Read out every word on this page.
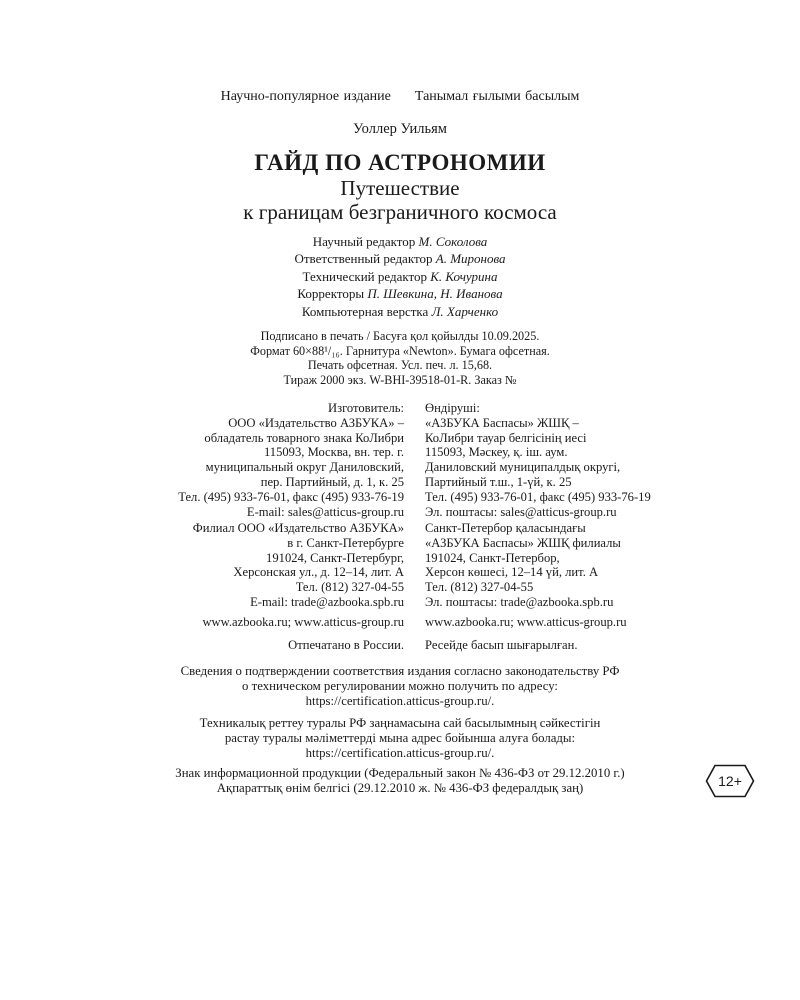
Научно-популярное издание Танымал ғылыми басылым
Уоллер Уильям
ГАЙД ПО АСТРОНОМИИ
Путешествие
к границам безграничного космоса
Научный редактор М. Соколова
Ответственный редактор А. Миронова
Технический редактор К. Кочурина
Корректоры П. Шевкина, Н. Иванова
Компьютерная верстка Л. Харченко
Подписано в печать / Басуға қол қойылды 10.09.2025.
Формат 60×88¹/₁₆. Гарнитура «Newton». Бумага офсетная.
Печать офсетная. Усл. печ. л. 15,68.
Тираж 2000 экз. W-BHI-39518-01-R. Заказ №
Изготовитель:
ООО «Издательство АЗБУКА» –
обладатель товарного знака КоЛибри
115093, Москва, вн. тер. г.
муниципальный округ Даниловский,
пер. Партийный, д. 1, к. 25
Тел. (495) 933-76-01, факс (495) 933-76-19
E-mail: sales@atticus-group.ru
Өндіруші:
«АЗБУКА Баспасы» ЖШҚ –
КоЛибри тауар белгісінің иесі
115093, Мәскеу, қ. іш. аум.
Даниловский муниципалдық округі,
Партийный т.ш., 1-үй, к. 25
Тел. (495) 933-76-01, факс (495) 933-76-19
Эл. поштасы: sales@atticus-group.ru
Филиал ООО «Издательство АЗБУКА»
в г. Санкт-Петербурге
191024, Санкт-Петербург,
Херсонская ул., д. 12–14, лит. А
Тел. (812) 327-04-55
E-mail: trade@azbooka.spb.ru
Санкт-Петербор қаласындағы
«АЗБУКА Баспасы» ЖШҚ филиалы
191024, Санкт-Петербор,
Херсон көшесі, 12–14 үй, лит. А
Тел. (812) 327-04-55
Эл. поштасы: trade@azbooka.spb.ru
www.azbooka.ru; www.atticus-group.ru www.azbooka.ru; www.atticus-group.ru
Отпечатано в России. Ресейде басып шығарылған.
Сведения о подтверждении соответствия издания согласно законодательству РФ
о техническом регулировании можно получить по адресу:
https://certification.atticus-group.ru/.
Техникалық реттеу туралы РФ заңнамасына сай басылымның сәйкестігін
растау туралы мәліметтерді мына адрес бойынша алуға болады:
https://certification.atticus-group.ru/.
Знак информационной продукции (Федеральный закон № 436-ФЗ от 29.12.2010 г.)
Ақпараттық өнім белгісі (29.12.2010 ж. № 436-ФЗ федералдық заң)	12+
